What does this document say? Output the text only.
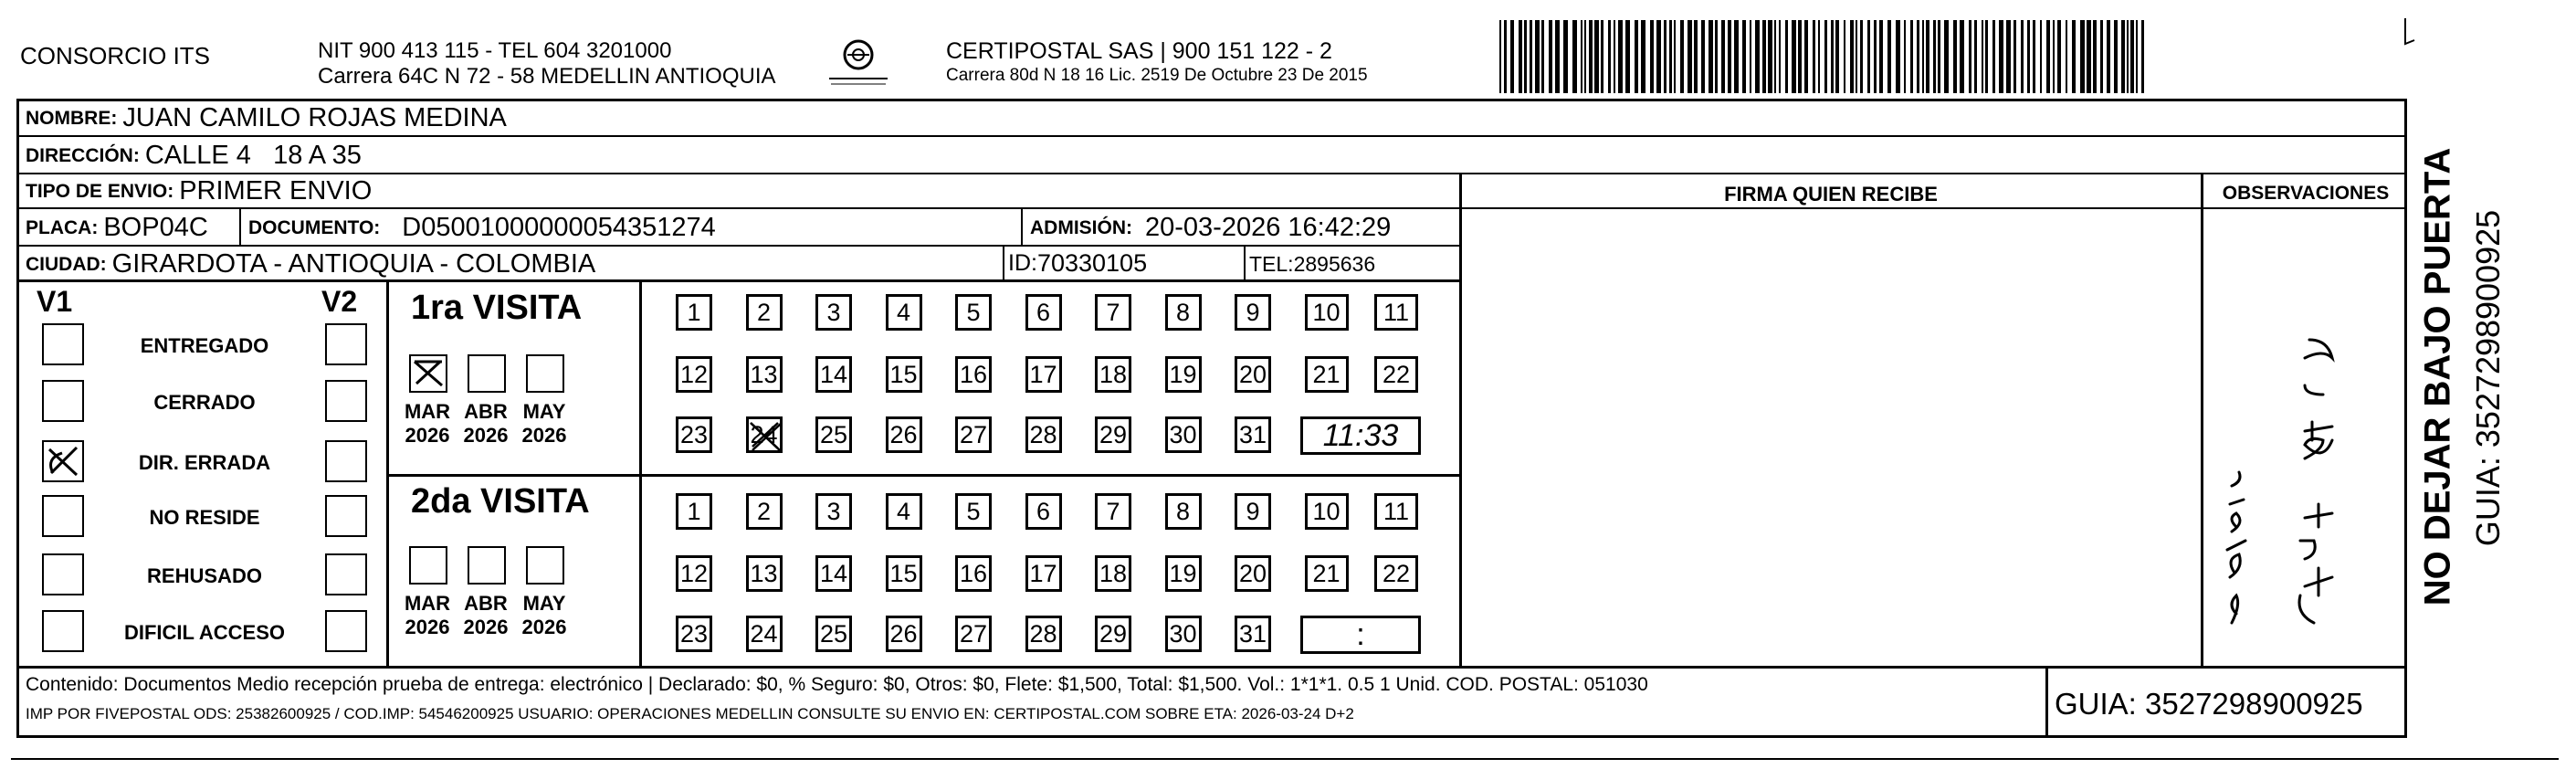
CONSORCIO ITS	NIT 900 413 115 - TEL 604 3201000
Carrera 64C N 72 - 58 MEDELLIN ANTIOQUIA
CERTIPOSTAL SAS | 900 151 122 - 2
Carrera 80d N 18 16 Lic. 2519 De Octubre 23 De 2015
NOMBRE: JUAN CAMILO ROJAS MEDINA
DIRECCIÓN: CALLE 4   18 A 35
TIPO DE ENVIO: PRIMER ENVIO
PLACA: BOP04C DOCUMENTO: D05001000000054351274	ADMISIÓN: 20-03-2026 16:42:29
CIUDAD: GIRARDOTA - ANTIOQUIA - COLOMBIA	ID: 70330105	TEL: 2895636
FIRMA QUIEN RECIBE	OBSERVACIONES
V1	V2
ENTREGADO
CERRADO
DIR. ERRADA
NO RESIDE
REHUSADO
DIFICIL ACCESO
1ra VISITA
2da VISITA
MAR
2026
ABR
2026
MAY
2026
MAR
2026
ABR
2026
MAY
2026
1 2 3 4 5 6 7 8 9 10 11
12 13 14 15 16 17 18 19 20 21 22
23 24 25 26 27 28 29 30 31 11:33
1 2 3 4 5 6 7 8 9 10 11
12 13 14 15 16 17 18 19 20 21 22
23 24 25 26 27 28 29 30 31	:
Contenido: Documentos Medio recepción prueba de entrega: electrónico | Declarado: $0, % Seguro: $0, Otros: $0, Flete: $1,500, Total: $1,500. Vol.: 1*1*1. 0.5 1 Unid. COD. POSTAL: 051030
IMP POR FIVEPOSTAL ODS: 25382600925 / COD.IMP: 54546200925 USUARIO: OPERACIONES MEDELLIN CONSULTE SU ENVIO EN: CERTIPOSTAL.COM SOBRE ETA: 2026-03-24 D+2	GUIA: 3527298900925
NO DEJAR BAJO PUERTA GUIA: 3527298900925
